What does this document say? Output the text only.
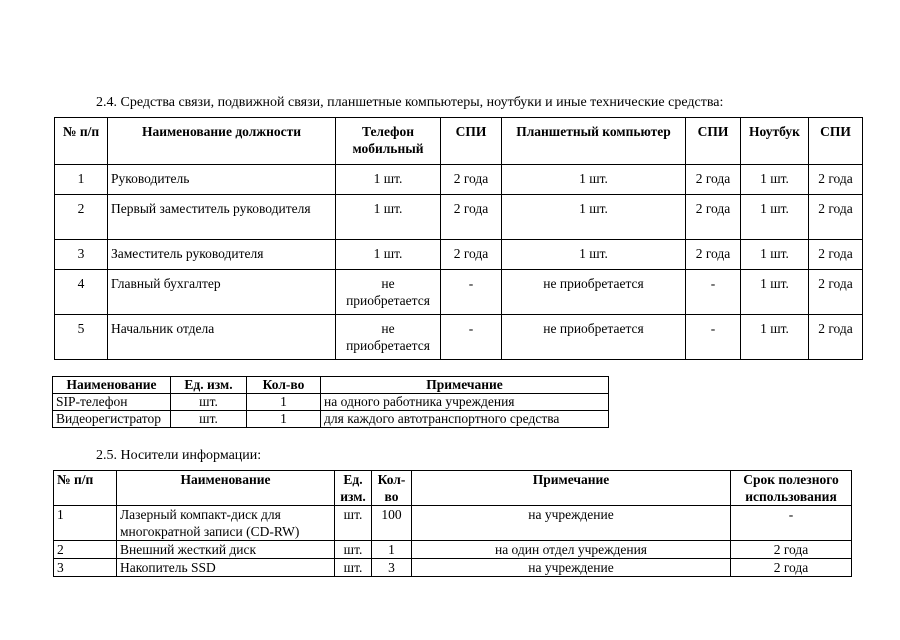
2.4. Средства связи, подвижной связи, планшетные компьютеры, ноутбуки и иные технические средства:

№ п/п	Наименование должности	Телефон мобильный	СПИ	Планшетный компьютер	СПИ	Ноутбук	СПИ
1	Руководитель	1 шт.	2 года	1 шт.	2 года	1 шт.	2 года
2	Первый заместитель руководителя	1 шт.	2 года	1 шт.	2 года	1 шт.	2 года
3	Заместитель руководителя	1 шт.	2 года	1 шт.	2 года	1 шт.	2 года
4	Главный бухгалтер	не приобретается	-	не приобретается	-	1 шт.	2 года
5	Начальник отдела	не приобретается	-	не приобретается	-	1 шт.	2 года
Наименование	Ед. изм.	Кол-во	Примечание
SIP-телефон	шт.	1	на одного работника учреждения
Видеорегистратор	шт.	1	для каждого автотранспортного средства

2.5. Носители информации:

№ п/п	Наименование	Ед. изм.	Кол-во	Примечание	Срок полезного использования
1	Лазерный компакт-диск для многократной записи (CD-RW)	шт.	100	на учреждение	-
2	Внешний жесткий диск	шт.	1	на один отдел учреждения	2 года
3	Накопитель SSD	шт.	3	на учреждение	2 года
